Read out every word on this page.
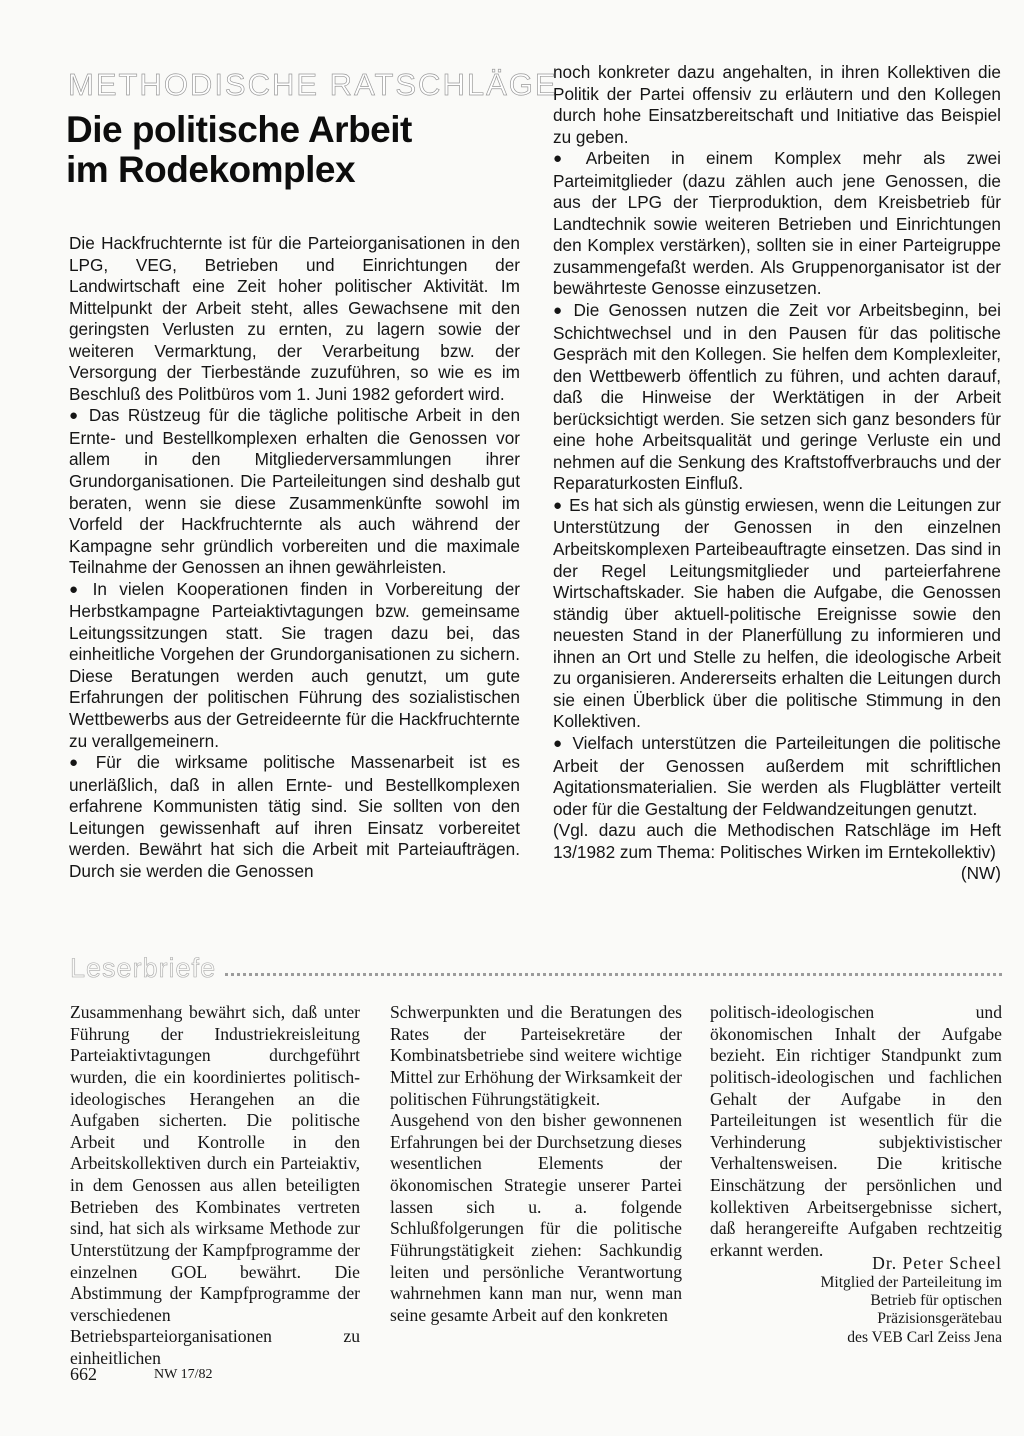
METHODISCHE RATSCHLÄGE
Die politische Arbeit
im Rodekomplex

Die Hackfruchternte ist für die Parteiorganisationen in den LPG, VEG, Betrieben und Einrichtungen der Landwirtschaft eine Zeit hoher politischer Aktivität. Im Mittelpunkt der Arbeit steht, alles Gewachsene mit den geringsten Verlusten zu ernten, zu lagern sowie der weiteren Vermarktung, der Verarbeitung bzw. der Versorgung der Tierbestände zuzuführen, so wie es im Beschluß des Politbüros vom 1. Juni 1982 gefordert wird.

● Das Rüstzeug für die tägliche politische Arbeit in den Ernte- und Bestellkomplexen erhalten die Genossen vor allem in den Mitgliederversammlungen ihrer Grundorganisationen. Die Parteileitungen sind deshalb gut beraten, wenn sie diese Zusammenkünfte sowohl im Vorfeld der Hackfruchternte als auch während der Kampagne sehr gründlich vorbereiten und die maximale Teilnahme der Genossen an ihnen gewährleisten.

● In vielen Kooperationen finden in Vorbereitung der Herbstkampagne Parteiaktivtagungen bzw. gemeinsame Leitungssitzungen statt. Sie tragen dazu bei, das einheitliche Vorgehen der Grundorganisationen zu sichern. Diese Beratungen werden auch genutzt, um gute Erfahrungen der politischen Führung des sozialistischen Wettbewerbs aus der Getreideernte für die Hackfruchternte zu verallgemeinern.

● Für die wirksame politische Massenarbeit ist es unerläßlich, daß in allen Ernte- und Bestellkomplexen erfahrene Kommunisten tätig sind. Sie sollten von den Leitungen gewissenhaft auf ihren Einsatz vorbereitet werden. Bewährt hat sich die Arbeit mit Parteiaufträgen. Durch sie werden die Genossen

noch konkreter dazu angehalten, in ihren Kollektiven die Politik der Partei offensiv zu erläutern und den Kollegen durch hohe Einsatzbereitschaft und Initiative das Beispiel zu geben.

● Arbeiten in einem Komplex mehr als zwei Parteimitglieder (dazu zählen auch jene Genossen, die aus der LPG der Tierproduktion, dem Kreisbetrieb für Landtechnik sowie weiteren Betrieben und Einrichtungen den Komplex verstärken), sollten sie in einer Parteigruppe zusammengefaßt werden. Als Gruppenorganisator ist der bewährteste Genosse einzusetzen.

● Die Genossen nutzen die Zeit vor Arbeitsbeginn, bei Schichtwechsel und in den Pausen für das politische Gespräch mit den Kollegen. Sie helfen dem Komplexleiter, den Wettbewerb öffentlich zu führen, und achten darauf, daß die Hinweise der Werktätigen in der Arbeit berücksichtigt werden. Sie setzen sich ganz besonders für eine hohe Arbeitsqualität und geringe Verluste ein und nehmen auf die Senkung des Kraftstoffverbrauchs und der Reparaturkosten Einfluß.

● Es hat sich als günstig erwiesen, wenn die Leitungen zur Unterstützung der Genossen in den einzelnen Arbeitskomplexen Parteibeauftragte einsetzen. Das sind in der Regel Leitungsmitglieder und parteierfahrene Wirtschaftskader. Sie haben die Aufgabe, die Genossen ständig über aktuell-politische Ereignisse sowie den neuesten Stand in der Planerfüllung zu informieren und ihnen an Ort und Stelle zu helfen, die ideologische Arbeit zu organisieren. Andererseits erhalten die Leitungen durch sie einen Überblick über die politische Stimmung in den Kollektiven.

● Vielfach unterstützen die Parteileitungen die politische Arbeit der Genossen außerdem mit schriftlichen Agitationsmaterialien. Sie werden als Flugblätter verteilt oder für die Gestaltung der Feldwandzeitungen genutzt.

(Vgl. dazu auch die Methodischen Ratschläge im Heft 13/1982 zum Thema: Politisches Wirken im Erntekollektiv)

(NW)

Leserbriefe

Zusammenhang bewährt sich, daß unter Führung der Industriekreisleitung Parteiaktivtagungen durchgeführt wurden, die ein koordiniertes politisch-ideologisches Herangehen an die Aufgaben sicherten. Die politische Arbeit und Kontrolle in den Arbeitskollektiven durch ein Parteiaktiv, in dem Genossen aus allen beteiligten Betrieben des Kombinates vertreten sind, hat sich als wirksame Methode zur Unterstützung der Kampfprogramme der einzelnen GOL bewährt. Die Abstimmung der Kampfprogramme der verschiedenen Betriebsparteiorganisationen zu einheitlichen

Schwerpunkten und die Beratungen des Rates der Parteisekretäre der Kombinatsbetriebe sind weitere wichtige Mittel zur Erhöhung der Wirksamkeit der politischen Führungstätigkeit.

Ausgehend von den bisher gewonnenen Erfahrungen bei der Durchsetzung dieses wesentlichen Elements der ökonomischen Strategie unserer Partei lassen sich u. a. folgende Schlußfolgerungen für die politische Führungstätigkeit ziehen: Sachkundig leiten und persönliche Verantwortung wahrnehmen kann man nur, wenn man seine gesamte Arbeit auf den konkreten

politisch-ideologischen und ökonomischen Inhalt der Aufgabe bezieht. Ein richtiger Standpunkt zum politisch-ideologischen und fachlichen Gehalt der Aufgabe in den Parteileitungen ist wesentlich für die Verhinderung subjektivistischer Verhaltensweisen. Die kritische Einschätzung der persönlichen und kollektiven Arbeitsergebnisse sichert, daß herangereifte Aufgaben rechtzeitig erkannt werden.

Dr. Peter Scheel
Mitglied der Parteileitung im
Betrieb für optischen
Präzisionsgerätebau
des VEB Carl Zeiss Jena
662	NW 17/82
